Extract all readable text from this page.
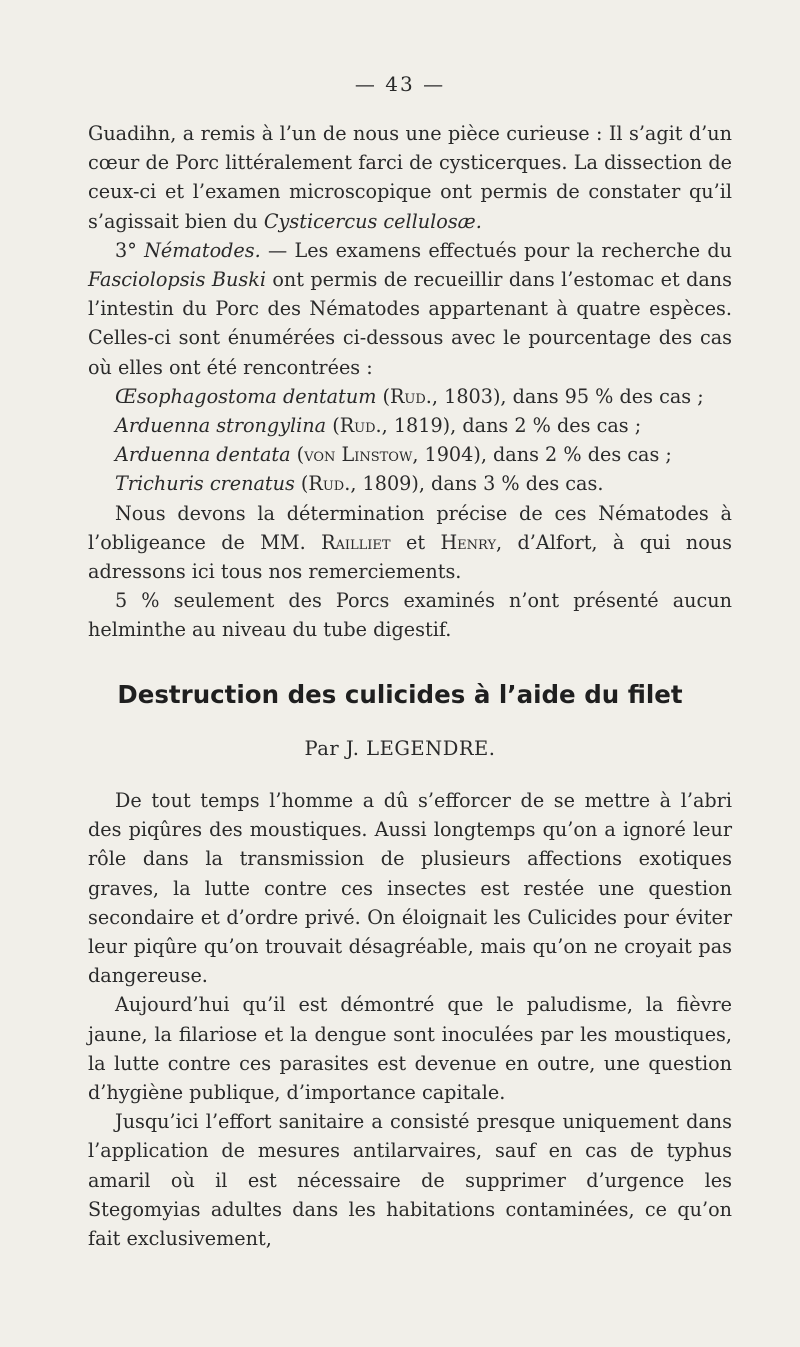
— 43 —

Guadihn, a remis à l’un de nous une pièce curieuse : Il s’agit d’un cœur de Porc littéralement farci de cysticerques. La dissection de ceux-ci et l’examen microscopique ont permis de constater qu’il s’agissait bien du Cysticercus cellulosæ.

3° Nématodes. — Les examens effectués pour la recherche du Fasciolopsis Buski ont permis de recueillir dans l’estomac et dans l’intestin du Porc des Nématodes appartenant à quatre espèces. Celles-ci sont énumérées ci-dessous avec le pourcentage des cas où elles ont été rencontrées :

Œsophagostoma dentatum (Rud., 1803), dans 95 % des cas ;

Arduenna strongylina (Rud., 1819), dans 2 % des cas ;

Arduenna dentata (von Linstow, 1904), dans 2 % des cas ;

Trichuris crenatus (Rud., 1809), dans 3 % des cas.

Nous devons la détermination précise de ces Nématodes à l’obligeance de MM. Railliet et Henry, d’Alfort, à qui nous adressons ici tous nos remerciements.

5 % seulement des Porcs examinés n’ont présenté aucun helminthe au niveau du tube digestif.

Destruction des culicides à l’aide du filet
Par J. LEGENDRE.

De tout temps l’homme a dû s’efforcer de se mettre à l’abri des piqûres des moustiques. Aussi longtemps qu’on a ignoré leur rôle dans la transmission de plusieurs affections exotiques graves, la lutte contre ces insectes est restée une question secondaire et d’ordre privé. On éloignait les Culicides pour éviter leur piqûre qu’on trouvait désagréable, mais qu’on ne croyait pas dangereuse.

Aujourd’hui qu’il est démontré que le paludisme, la fièvre jaune, la filariose et la dengue sont inoculées par les moustiques, la lutte contre ces parasites est devenue en outre, une question d’hygiène publique, d’importance capitale.

Jusqu’ici l’effort sanitaire a consisté presque uniquement dans l’application de mesures antilarvaires, sauf en cas de typhus amaril où il est nécessaire de supprimer d’urgence les Stegomyias adultes dans les habitations contaminées, ce qu’on fait exclusivement,
